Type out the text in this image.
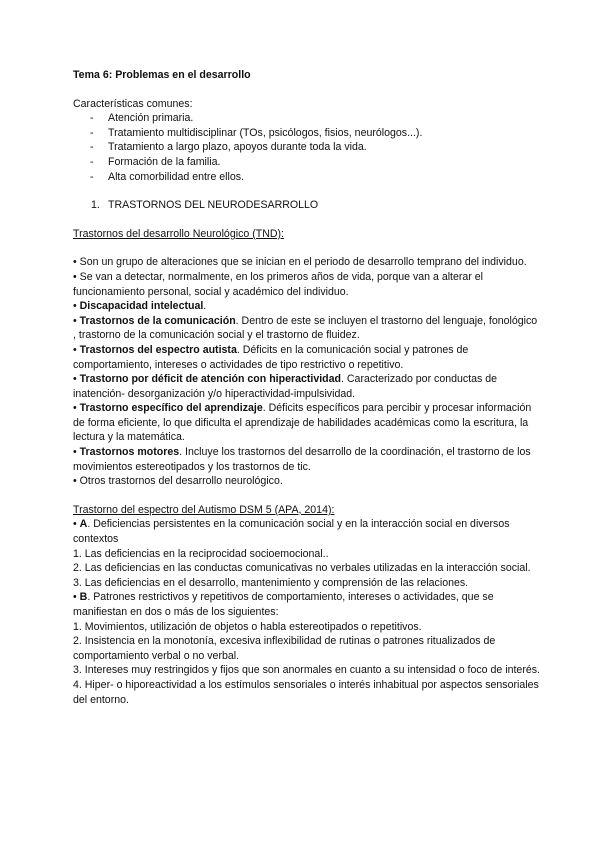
Tema 6: Problemas en el desarrollo

Características comunes:

- Atención primaria.
- Tratamiento multidisciplinar (TOs, psicólogos, fisios, neurólogos...).
- Tratamiento a largo plazo, apoyos durante toda la vida.
- Formación de la familia.
- Alta comorbilidad entre ellos.

1. TRASTORNOS DEL NEURODESARROLLO

Trastornos del desarrollo Neurológico (TND):

• Son un grupo de alteraciones que se inician en el periodo de desarrollo temprano del individuo.

• Se van a detectar, normalmente, en los primeros años de vida, porque van a alterar el funcionamiento personal, social y académico del individuo.

• Discapacidad intelectual.

• Trastornos de la comunicación. Dentro de este se incluyen el trastorno del lenguaje, fonológico , trastorno de la comunicación social y el trastorno de fluidez.

• Trastornos del espectro autista. Déficits en la comunicación social y patrones de comportamiento, intereses o actividades de tipo restrictivo o repetitivo.

• Trastorno por déficit de atención con hiperactividad. Caracterizado por conductas de inatención- desorganización y/o hiperactividad-impulsividad.

• Trastorno específico del aprendizaje. Déficits específicos para percibir y procesar información de forma eficiente, lo que dificulta el aprendizaje de habilidades académicas como la escritura, la lectura y la matemática.

• Trastornos motores. Incluye los trastornos del desarrollo de la coordinación, el trastorno de los movimientos estereotipados y los trastornos de tic.

• Otros trastornos del desarrollo neurológico.

Trastorno del espectro del Autismo DSM 5 (APA, 2014):

• A. Deficiencias persistentes en la comunicación social y en la interacción social en diversos contextos

1. Las deficiencias en la reciprocidad socioemocional..

2. Las deficiencias en las conductas comunicativas no verbales utilizadas en la interacción social.

3. Las deficiencias en el desarrollo, mantenimiento y comprensión de las relaciones.

• B. Patrones restrictivos y repetitivos de comportamiento, intereses o actividades, que se manifiestan en dos o más de los siguientes:

1. Movimientos, utilización de objetos o habla estereotipados o repetitivos.

2. Insistencia en la monotonía, excesiva inflexibilidad de rutinas o patrones ritualizados de comportamiento verbal o no verbal.

3. Intereses muy restringidos y fijos que son anormales en cuanto a su intensidad o foco de interés.

4. Hiper- o hiporeactividad a los estímulos sensoriales o interés inhabitual por aspectos sensoriales del entorno.
